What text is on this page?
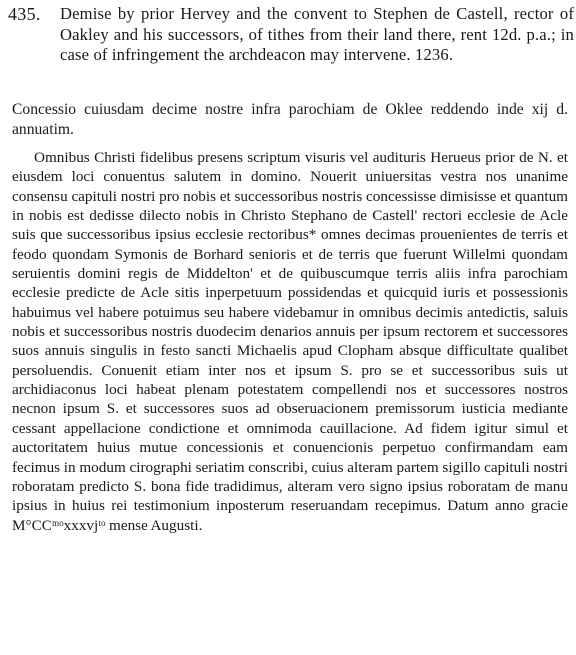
435. Demise by prior Hervey and the convent to Stephen de Castell, rector of Oakley and his successors, of tithes from their land there, rent 12d. p.a.; in case of infringement the archdeacon may intervene. 1236.
Concessio cuiusdam decime nostre infra parochiam de Oklee reddendo inde xij d. annuatim.
Omnibus Christi fidelibus presens scriptum visuris vel audituris Herueus prior de N. et eiusdem loci conuentus salutem in domino. Nouerit uniuersitas vestra nos unanime consensu capituli nostri pro nobis et successoribus nostris concessisse dimisisse et quantum in nobis est dedisse dilecto nobis in Christo Stephano de Castell' rectori ecclesie de Acle suis que successoribus ipsius ecclesie rectoribus* omnes decimas prouenientes de terris et feodo quondam Symonis de Borhard senioris et de terris que fuerunt Willelmi quondam seruientis domini regis de Middelton' et de quibuscumque terris aliis infra parochiam ecclesie predicte de Acle sitis inperpetuum possidendas et quicquid iuris et possessionis habuimus vel habere potuimus seu habere videbamur in omnibus decimis antedictis, saluis nobis et successoribus nostris duodecim denarios annuis per ipsum rectorem et successores suos annuis singulis in festo sancti Michaelis apud Clopham absque difficultate qualibet persoluendis. Conuenit etiam inter nos et ipsum S. pro se et successoribus suis ut archidiaconus loci habeat plenam potestatem compellendi nos et successores nostros necnon ipsum S. et successores suos ad obseruacionem premissorum iusticia mediante cessant appellacione condictione et omnimoda cauillacione. Ad fidem igitur simul et auctoritatem huius mutue concessionis et conuencionis perpetuo confirmandam eam fecimus in modum cirographi seriatim conscribi, cuius alteram partem sigillo capituli nostri roboratam predicto S. bona fide tradidimus, alteram vero signo ipsius roboratam de manu ipsius in huius rei testimonium inposterum reseruandam recepimus. Datum anno gracie M°CCᵐᵒxxxvjᵗᵒ mense Augusti.
